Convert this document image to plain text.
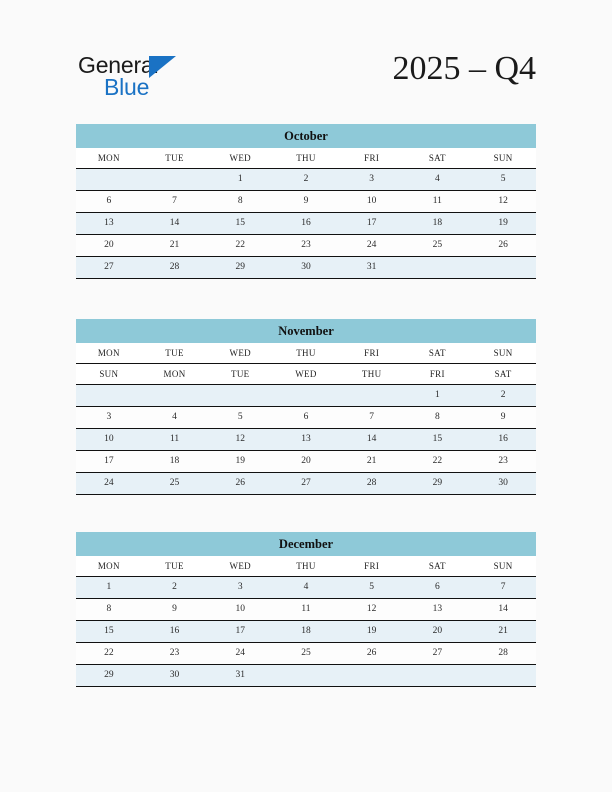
General
Blue	2025 – Q4
October
MON	TUE	WED	THU	FRI	SAT	SUN
		1	2	3	4	5
6	7	8	9	10	11	12
13	14	15	16	17	18	19
20	21	22	23	24	25	26
27	28	29	30	31		
November
MON	TUE	WED	THU	FRI	SAT	SUN
SUN	MON	TUE	WED	THU	FRI	SAT
					1	2
3	4	5	6	7	8	9
10	11	12	13	14	15	16
17	18	19	20	21	22	23
24	25	26	27	28	29	30
December
MON	TUE	WED	THU	FRI	SAT	SUN
1	2	3	4	5	6	7
8	9	10	11	12	13	14
15	16	17	18	19	20	21
22	23	24	25	26	27	28
29	30	31				
